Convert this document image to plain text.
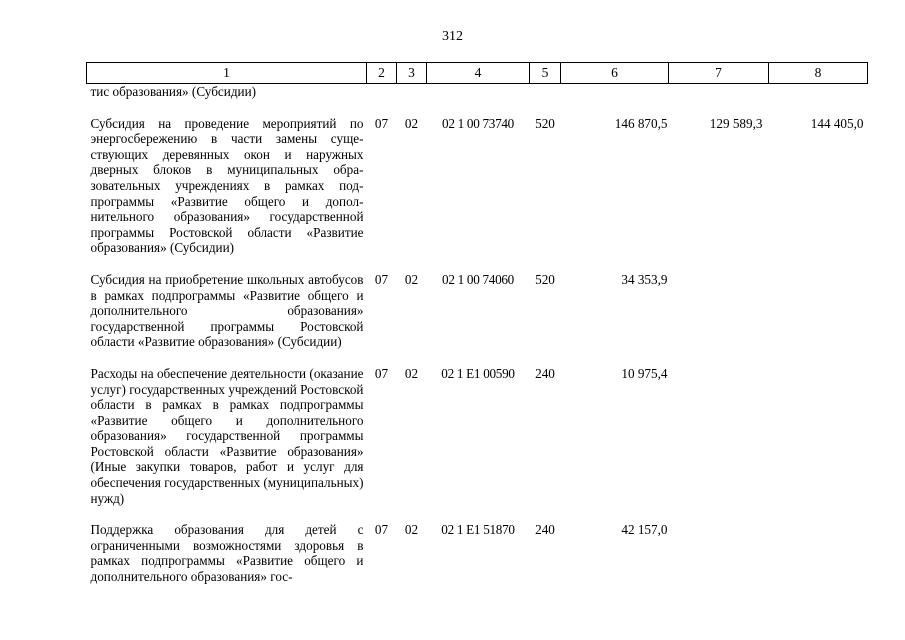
312
1	2	3	4	5	6	7	8
тис образования» (Субсидии)							
Субсидия на проведение мероприятий по энергосбережению в части замены существующих деревянных окон и наружных дверных блоков в муниципальных образовательных учреждениях в рамках подпрограммы «Развитие общего и дополнительного образования» государственной программы Ростовской области «Развитие образования» (Субсидии)	07	02	02 1 00 73740	520	146 870,5	129 589,3	144 405,0
Субсидия на приобретение школьных автобусов в рамках подпрограммы «Развитие общего и дополнительного образования» государственной программы Ростовской области «Развитие образования» (Субсидии)	07	02	02 1 00 74060	520	34 353,9		
Расходы на обеспечение деятельности (оказание услуг) государственных учреждений Ростовской области в рамках в рамках подпрограммы «Развитие общего и дополнительного образования» государственной программы Ростовской области «Развитие образования» (Иные закупки товаров, работ и услуг для обеспечения государственных (муниципальных) нужд)	07	02	02 1 E1 00590	240	10 975,4		
Поддержка образования для детей с ограниченными возможностями здоровья в рамках подпрограммы «Развитие общего и дополнительного образования» гос-	07	02	02 1 E1 51870	240	42 157,0		
